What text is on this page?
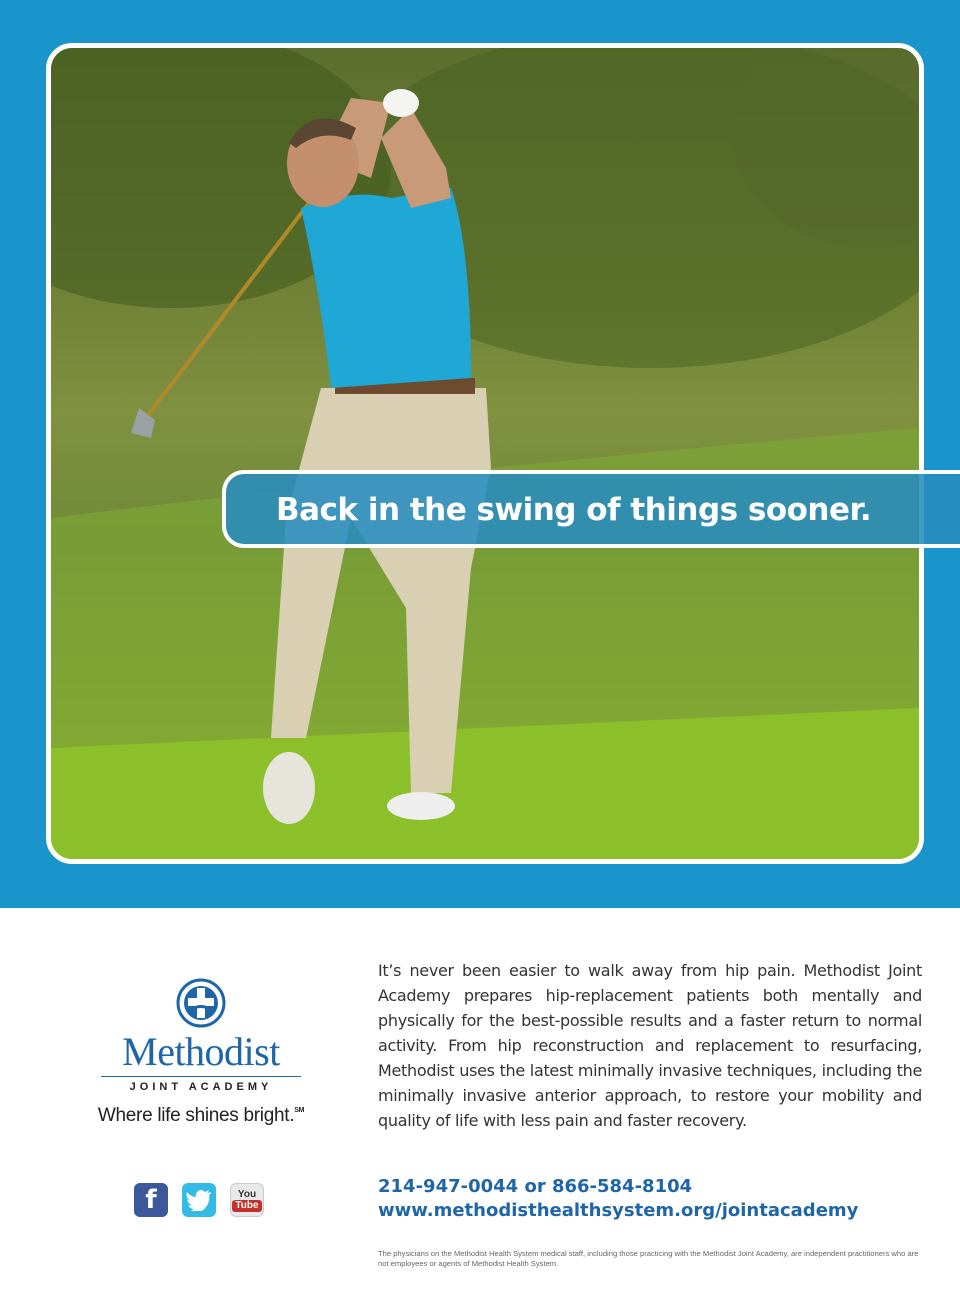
Back in the swing of things sooner.
Methodist
JOINT ACADEMY
Where life shines bright.℠
f	You
Tube

It’s never been easier to walk away from hip pain. Methodist Joint Academy prepares hip-replacement patients both mentally and physically for the best-possible results and a faster return to normal activity. From hip reconstruction and replacement to resurfacing, Methodist uses the latest minimally invasive techniques, including the minimally invasive anterior approach, to restore your mobility and quality of life with less pain and faster recovery.

214-947-0044 or 866-584-8104

www.methodisthealthsystem.org/jointacademy

The physicians on the Methodist Health System medical staff, including those practicing with the Methodist Joint Academy, are independent practitioners who are not employees or agents of Methodist Health System.
